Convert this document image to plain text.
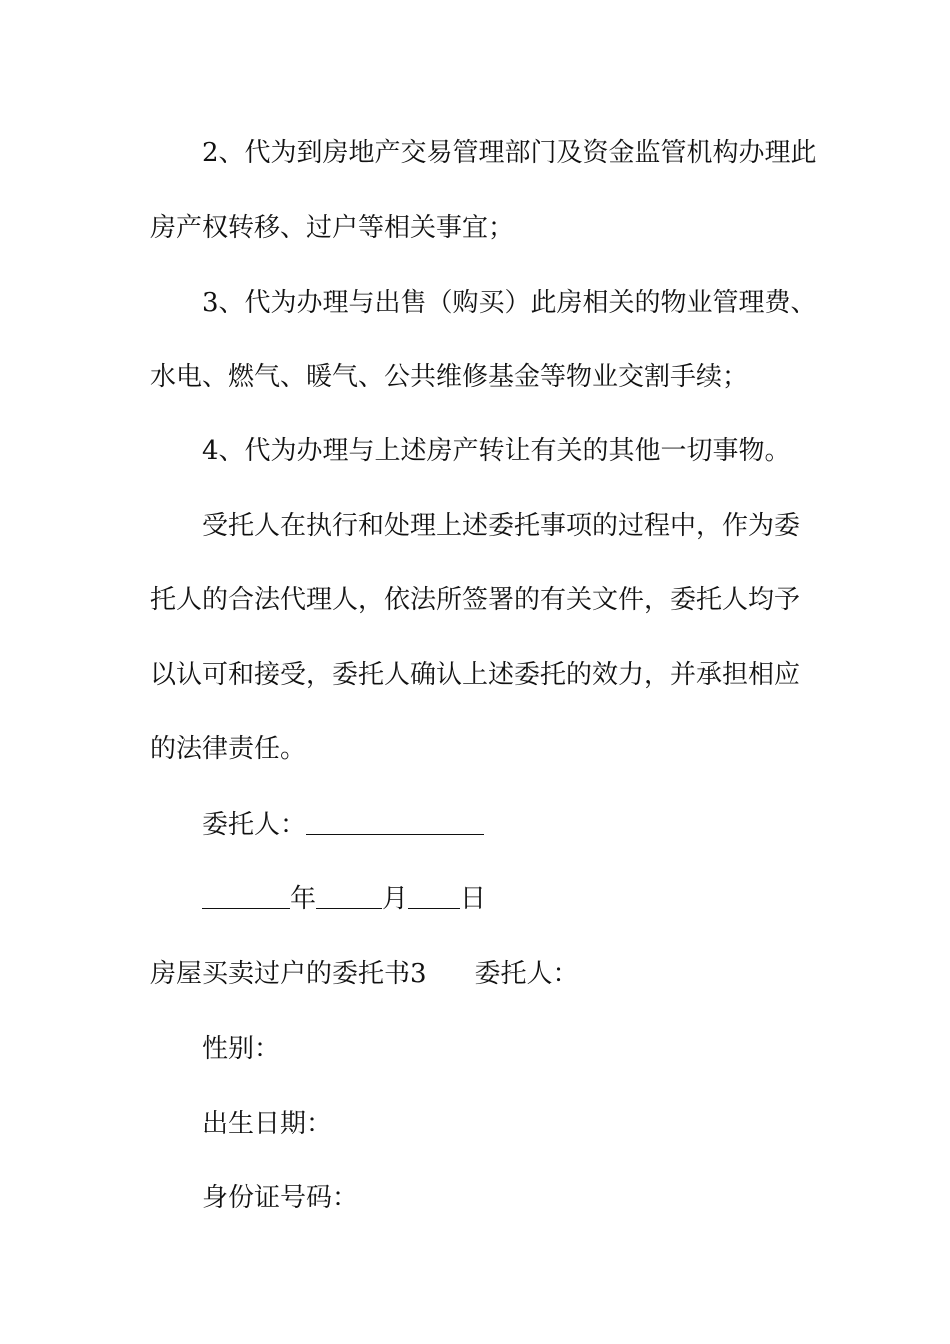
2、代为到房地产交易管理部门及资金监管机构办理此
房产权转移、过户等相关事宜；
3、代为办理与出售（购买）此房相关的物业管理费、
水电、燃气、暖气、公共维修基金等物业交割手续；
4、代为办理与上述房产转让有关的其他一切事物。
受托人在执行和处理上述委托事项的过程中，作为委
托人的合法代理人，依法所签署的有关文件，委托人均予
以认可和接受，委托人确认上述委托的效力，并承担相应
的法律责任。
委托人：
年	月 日
房屋买卖过户的委托书3 委托人：
性别：
出生日期：
身份证号码：
